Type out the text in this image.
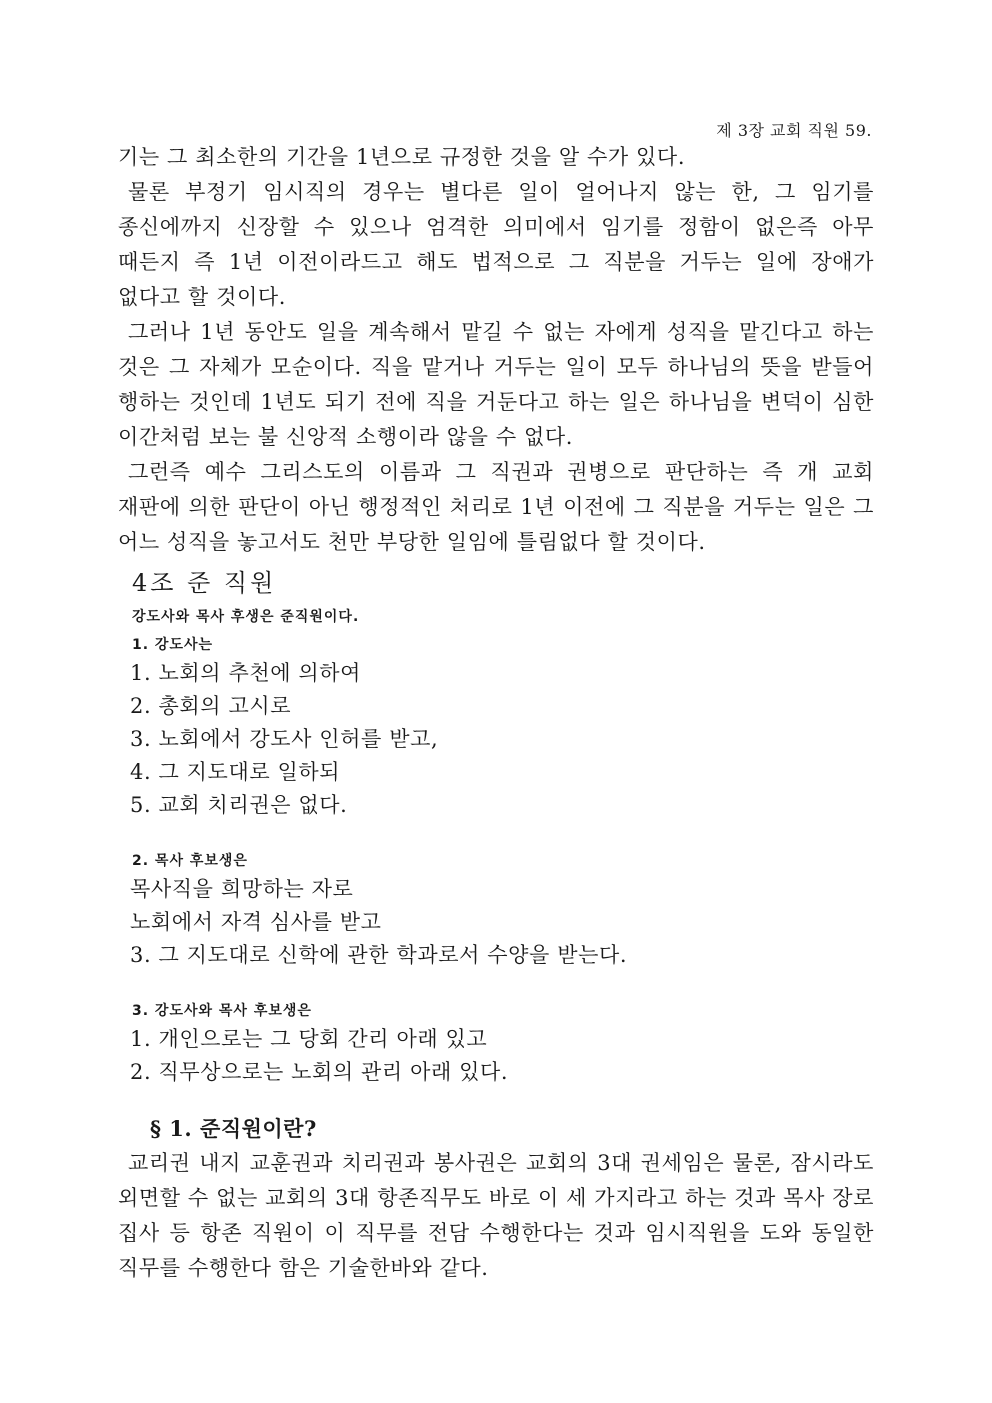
제 3장 교회 직원 59.

기는 그 최소한의 기간을 1년으로 규정한 것을 알 수가 있다.

물론 부정기 임시직의 경우는 별다른 일이 얼어나지 않는 한, 그 임기를 종신에까지 신장할 수 있으나 엄격한 의미에서 임기를 정함이 없은즉 아무 때든지 즉 1년 이전이라드고 해도 법적으로 그 직분을 거두는 일에 장애가 없다고 할 것이다.

그러나 1년 동안도 일을 계속해서 맡길 수 없는 자에게 성직을 맡긴다고 하는 것은 그 자체가 모순이다. 직을 맡거나 거두는 일이 모두 하나님의 뜻을 받들어 행하는 것인데 1년도 되기 전에 직을 거둔다고 하는 일은 하나님을 변덕이 심한 이간처럼 보는 불 신앙적 소행이라 않을 수 없다.

그런즉 예수 그리스도의 이름과 그 직권과 권병으로 판단하는 즉 개 교회 재판에 의한 판단이 아닌 행정적인 처리로 1년 이전에 그 직분을 거두는 일은 그 어느 성직을 놓고서도 천만 부당한 일임에 틀림없다 할 것이다.

4조 준 직원
강도사와 목사 후생은 준직원이다.
1. 강도사는
1. 노회의 추천에 의하여
2. 총회의 고시로
3. 노회에서 강도사 인허를 받고,
4. 그 지도대로 일하되
5. 교회 치리권은 없다.
2. 목사 후보생은
목사직을 희망하는 자로
노회에서 자격 심사를 받고
3. 그 지도대로 신학에 관한 학과로서 수양을 받는다.
3. 강도사와 목사 후보생은
1. 개인으로는 그 당회 간리 아래 있고
2. 직무상으로는 노회의 관리 아래 있다.
§ 1. 준직원이란?

교리권 내지 교훈권과 치리권과 봉사권은 교회의 3대 권세임은 물론, 잠시라도 외면할 수 없는 교회의 3대 항존직무도 바로 이 세 가지라고 하는 것과 목사 장로 집사 등 항존 직원이 이 직무를 전담 수행한다는 것과 임시직원을 도와 동일한 직무를 수행한다 함은 기술한바와 같다.
